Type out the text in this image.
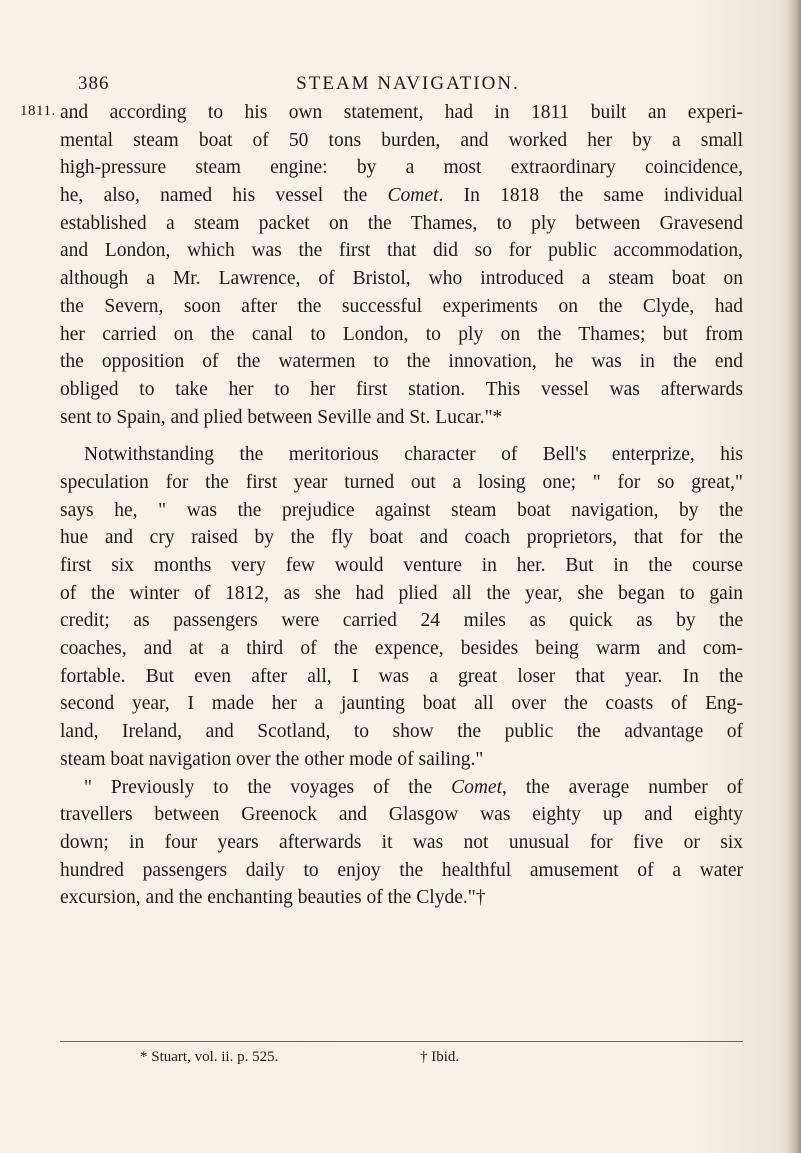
386	STEAM NAVIGATION.
1811. and according to his own statement, had in 1811 built an experi-
mental steam boat of 50 tons burden, and worked her by a small
high-pressure steam engine: by a most extraordinary coincidence,
he, also, named his vessel the Comet. In 1818 the same individual
established a steam packet on the Thames, to ply between Gravesend
and London, which was the first that did so for public accommodation,
although a Mr. Lawrence, of Bristol, who introduced a steam boat on
the Severn, soon after the successful experiments on the Clyde, had
her carried on the canal to London, to ply on the Thames; but from
the opposition of the watermen to the innovation, he was in the end
obliged to take her to her first station. This vessel was afterwards
sent to Spain, and plied between Seville and St. Lucar."*
Notwithstanding the meritorious character of Bell's enterprize, his
speculation for the first year turned out a losing one; " for so great,"
says he, " was the prejudice against steam boat navigation, by the
hue and cry raised by the fly boat and coach proprietors, that for the
first six months very few would venture in her. But in the course
of the winter of 1812, as she had plied all the year, she began to gain
credit; as passengers were carried 24 miles as quick as by the
coaches, and at a third of the expence, besides being warm and com-
fortable. But even after all, I was a great loser that year. In the
second year, I made her a jaunting boat all over the coasts of Eng-
land, Ireland, and Scotland, to show the public the advantage of
steam boat navigation over the other mode of sailing."
" Previously to the voyages of the Comet, the average number of
travellers between Greenock and Glasgow was eighty up and eighty
down; in four years afterwards it was not unusual for five or six
hundred passengers daily to enjoy the healthful amusement of a water
excursion, and the enchanting beauties of the Clyde."†
* Stuart, vol. ii. p. 525.	† Ibid.
